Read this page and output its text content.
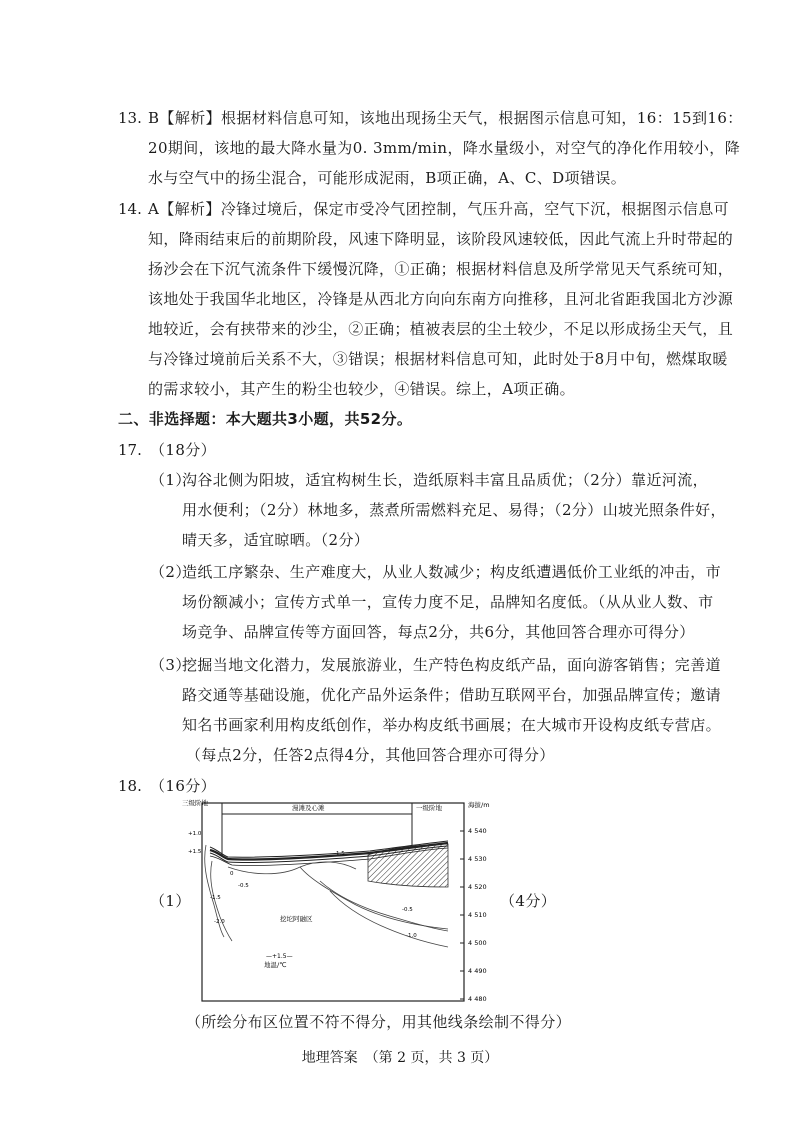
13. B【解析】根据材料信息可知，该地出现扬尘天气，根据图示信息可知，16：15到16：
20期间，该地的最大降水量为0. 3mm/min，降水量级小，对空气的净化作用较小，降
水与空气中的扬尘混合，可能形成泥雨，B项正确，A、C、D项错误。
14. A【解析】冷锋过境后，保定市受冷气团控制，气压升高，空气下沉，根据图示信息可
知，降雨结束后的前期阶段，风速下降明显，该阶段风速较低，因此气流上升时带起的
扬沙会在下沉气流条件下缓慢沉降，①正确；根据材料信息及所学常见天气系统可知，
该地处于我国华北地区，冷锋是从西北方向向东南方向推移，且河北省距我国北方沙源
地较近，会有挟带来的沙尘，②正确；植被表层的尘土较少，不足以形成扬尘天气，且
与冷锋过境前后关系不大，③错误；根据材料信息可知，此时处于8月中旬，燃煤取暖
的需求较小，其产生的粉尘也较少，④错误。综上，A项正确。
二、非选择题：本大题共3小题，共52分。
17. （18分）
（1）
沟谷北侧为阳坡，适宜构树生长，造纸原料丰富且品质优；（2分）靠近河流，
用水便利；（2分）林地多，蒸煮所需燃料充足、易得；（2分）山坡光照条件好，
晴天多，适宜晾晒。（2分）
（2）
造纸工序繁杂、生产难度大，从业人数减少；构皮纸遭遇低价工业纸的冲击，市
场份额减小；宣传方式单一，宣传力度不足，品牌知名度低。（从从业人数、市
场竞争、品牌宣传等方面回答，每点2分，共6分，其他回答合理亦可得分）
（3）
挖掘当地文化潜力，发展旅游业，生产特色构皮纸产品，面向游客销售；完善道
路交通等基础设施，优化产品外运条件；借助互联网平台，加强品牌宣传；邀请
知名书画家利用构皮纸创作，举办构皮纸书画展；在大城市开设构皮纸专营店。
（每点2分，任答2点得4分，其他回答合理亦可得分）
18. （16分）
（1）	（4分）
三级阶地
漫滩及心滩	一级阶地	海拔/m
挖坨阿融区
—+1.5—
地温/℃
+1.0
+1.5
0
-0.5
-1.5
-2.0
-0.5
-1.0
1.5
4 540
4 530
4 520
4 510
4 500
4 490
4 480
（所绘分布区位置不符不得分，用其他线条绘制不得分）
地理答案　（第 2 页，共 3 页）
